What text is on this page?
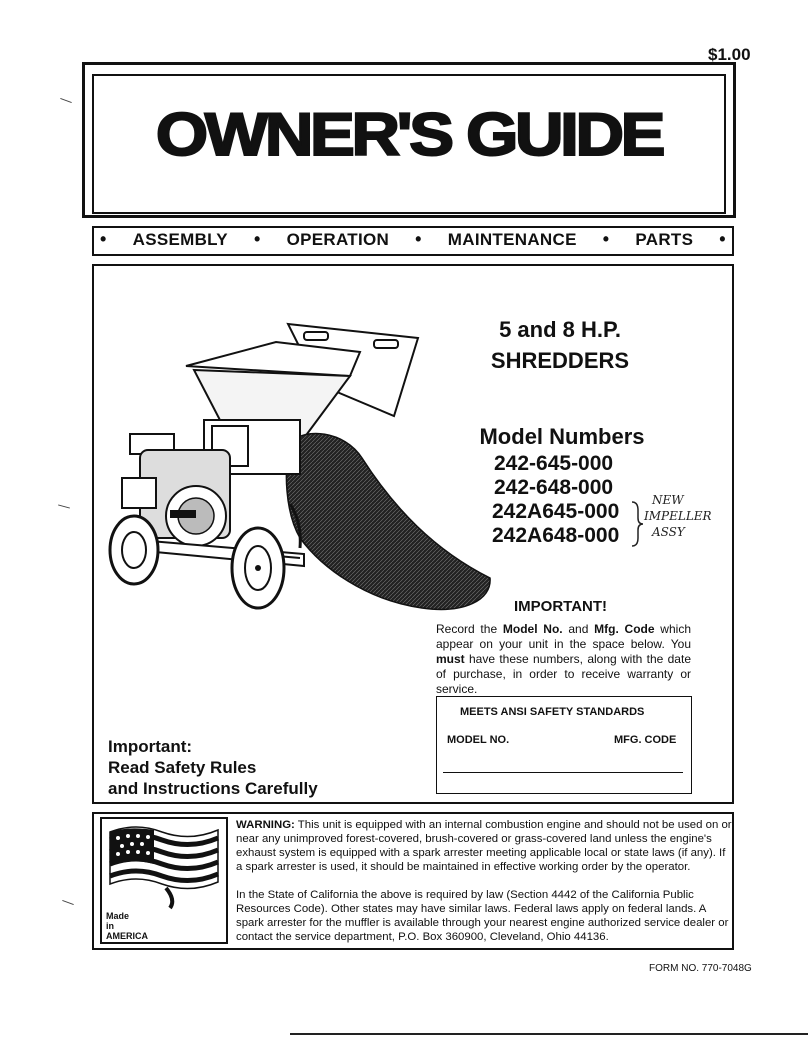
$1.00
OWNER'S GUIDE
• ASSEMBLY • OPERATION • MAINTENANCE • PARTS •
5 and 8 H.P.
SHREDDERS
Model Numbers
242-645-000
242-648-000
242A645-000
242A648-000
NEW
IMPELLER
ASSY
IMPORTANT!
Record the Model No. and Mfg. Code which appear on your unit in the space below. You must have these numbers, along with the date of purchase, in order to receive warranty or service.
MEETS ANSI SAFETY STANDARDS
MODEL NO.	MFG. CODE
Important:
Read Safety Rules
and Instructions Carefully
Made
in
AMERICA
WARNING: This unit is equipped with an internal combustion engine and should not be used on or near any unimproved forest-covered, brush-covered or grass-covered land unless the engine's exhaust system is equipped with a spark arrester meeting applicable local or state laws (if any). If a spark arrester is used, it should be maintained in effective working order by the operator.
In the State of California the above is required by law (Section 4442 of the California Public Resources Code). Other states may have similar laws. Federal laws apply on federal lands. A spark arrester for the muffler is available through your nearest engine authorized service dealer or contact the service department, P.O. Box 360900, Cleveland, Ohio 44136.
FORM NO. 770-7048G
